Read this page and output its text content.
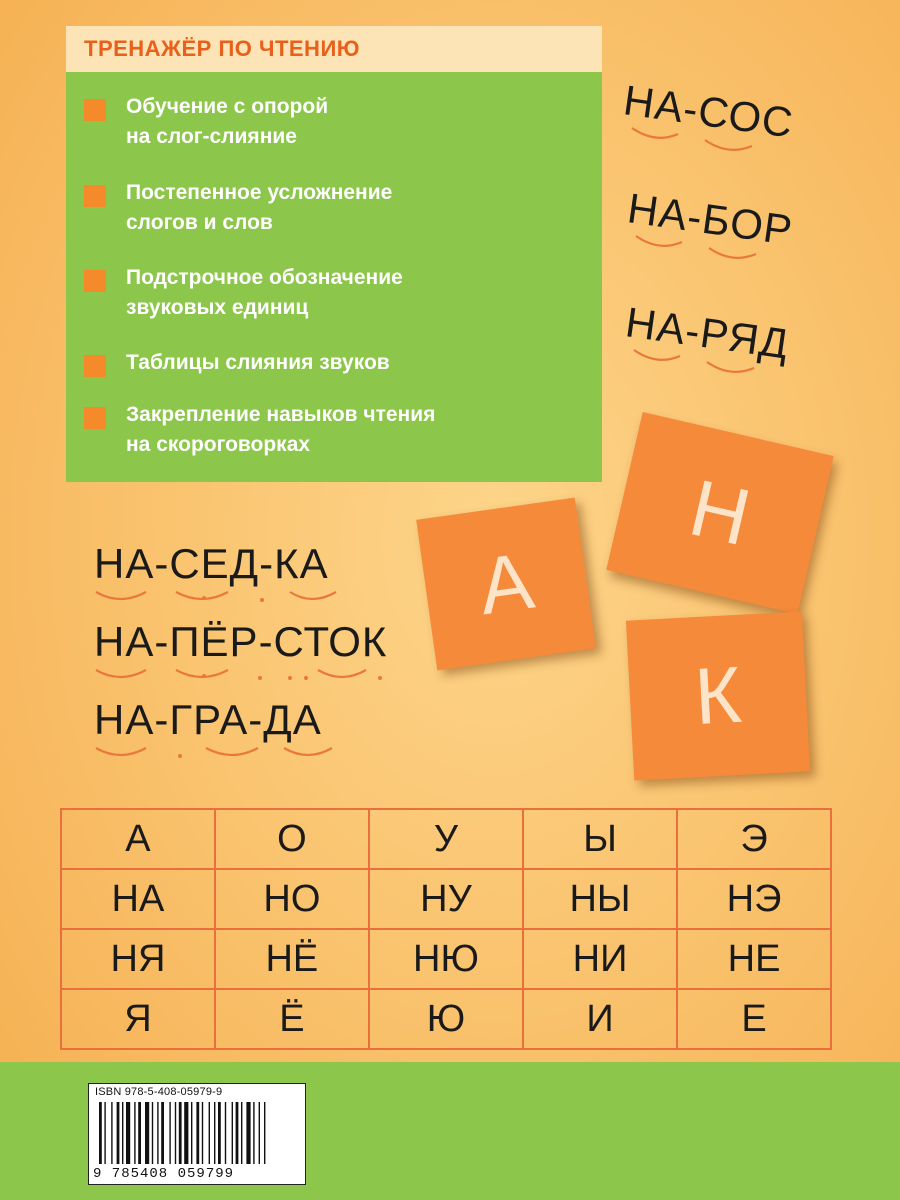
ТРЕНАЖЁР ПО ЧТЕНИЮ
Обучение с опорой
на слог-слияние
Постепенное усложнение
слогов и слов
Подстрочное обозначение
звуковых единиц
Таблицы слияния звуков
Закрепление навыков чтения
на скороговорках
НА-СОС
НА-БОР
НА-РЯД
НА-СЕД-КА
НА-ПЁР-СТОК
НА-ГРА-ДА
А
Н
К
А	О	У	Ы	Э
НА	НО	НУ	НЫ	НЭ
НЯ	НЁ	НЮ	НИ	НЕ
Я	Ё	Ю	И	Е
ISBN 978-5-408-05979-9
9 785408 059799
